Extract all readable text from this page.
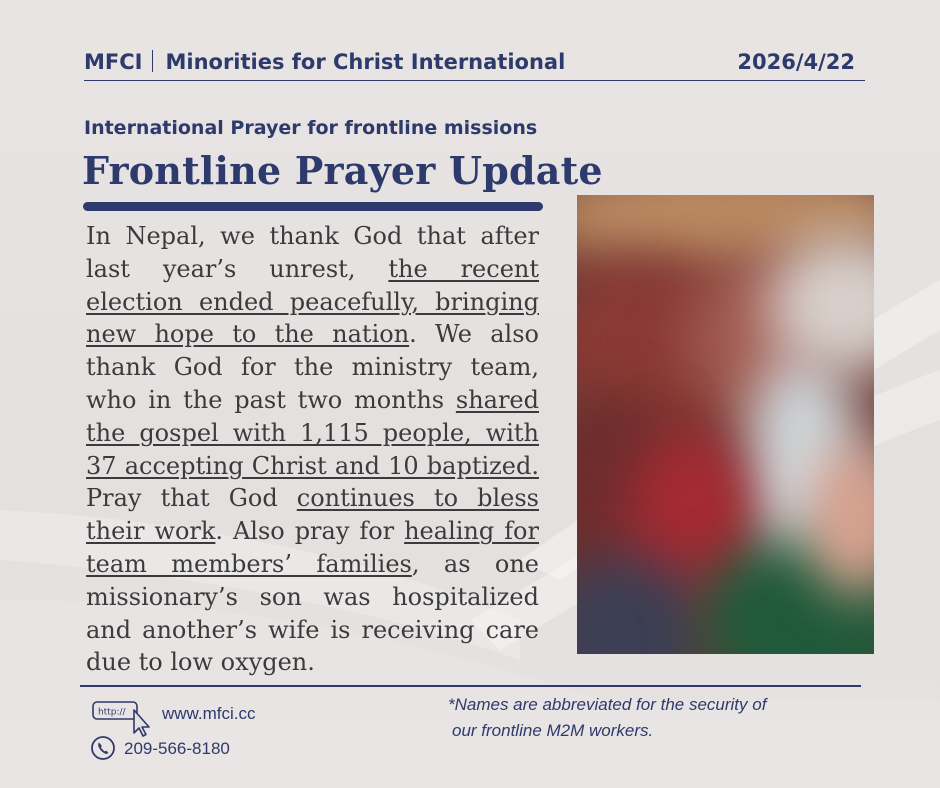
MFCI Minorities for Christ International	2026/4/22
International Prayer for frontline missions
Frontline Prayer Update
In Nepal, we thank God that after last year’s unrest, the recent election ended peacefully, bringing new hope to the nation. We also thank God for the ministry team, who in the past two months shared the gospel with 1,115 people, with 37 accepting Christ and 10 baptized. Pray that God continues to bless their work. Also pray for healing for team members’ families, as one missionary’s son was hospitalized and another’s wife is receiving care due to low oxygen.
http:// www.mfci.cc
209-566-8180
*Names are abbreviated for the security of
our frontline M2M workers.
